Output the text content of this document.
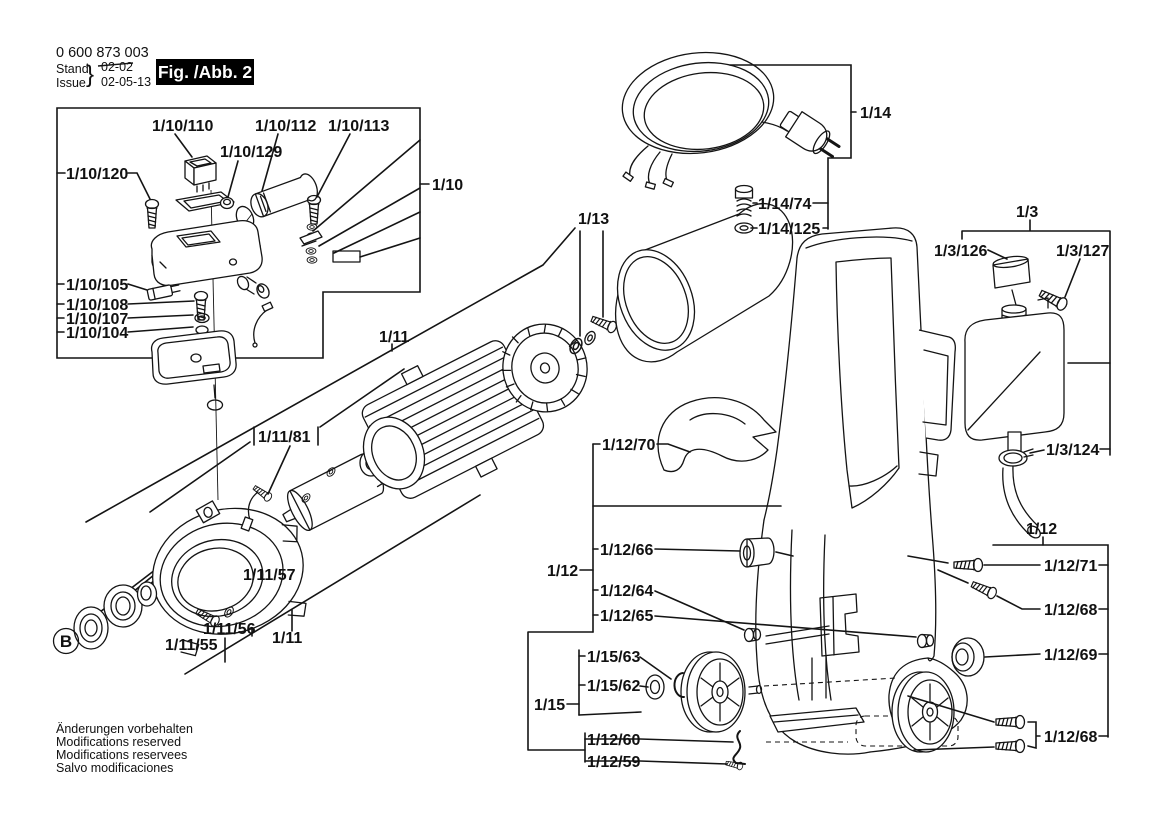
0 600 873 003
Stand
Issue } 02-02
02-05-13 Fig. /Abb. 2
Änderungen vorbehalten
Modifications reserved
Modifications reservees
Salvo modificaciones
1/10/110
1/10/129
1/10/112 1/10/113
1/10/120
1/10
1/10/105
1/10/108
1/10/107
1/10/104
B
1/13
1/11
1/11/81
1/11/57
1/11/56
1/11/55	1/11
1/14
1/14/74
1/14/125
1/3
1/3/126	1/3/127
1/3/124
1/12/70
1/12/66
1/12
1/12/64
1/12/65
1/15/63
1/15/62
1/15
1/12/60
1/12/59
1/12
1/12/71
1/12/68
1/12/69
1/12/68
